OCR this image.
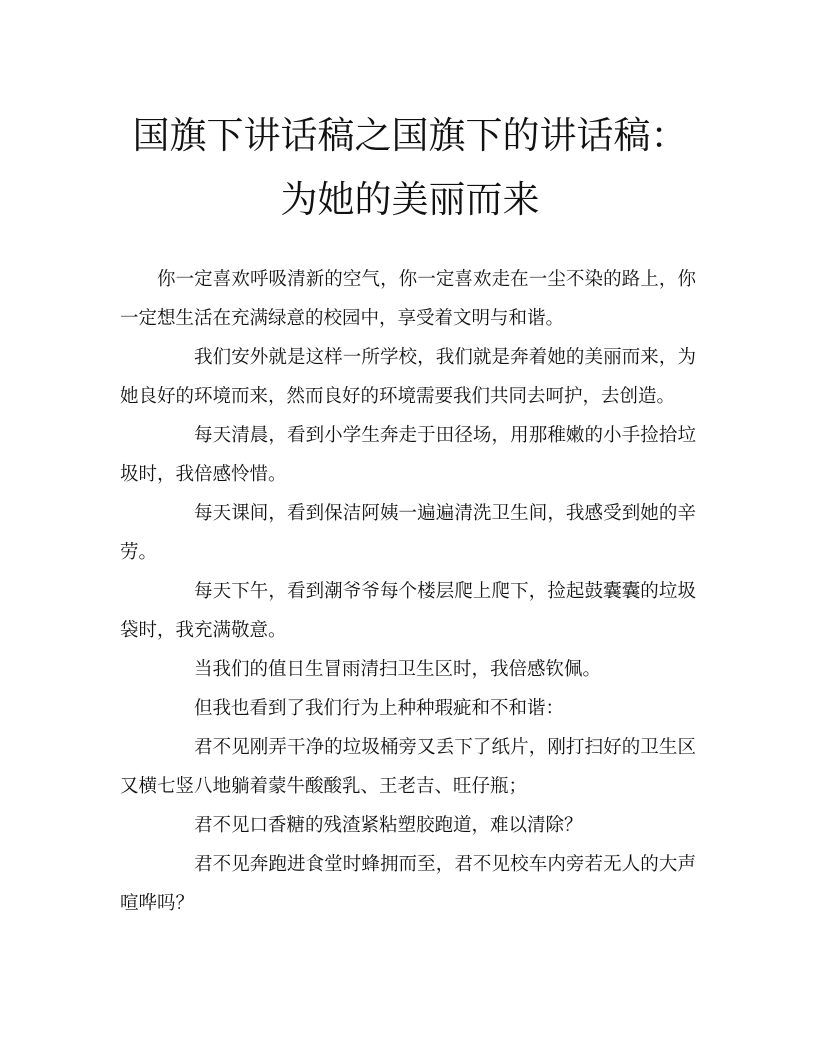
国旗下讲话稿之国旗下的讲话稿：为她的美丽而来

你一定喜欢呼吸清新的空气，你一定喜欢走在一尘不染的路上，你一定想生活在充满绿意的校园中，享受着文明与和谐。

我们安外就是这样一所学校，我们就是奔着她的美丽而来，为她良好的环境而来，然而良好的环境需要我们共同去呵护，去创造。

每天清晨，看到小学生奔走于田径场，用那稚嫩的小手捡拾垃圾时，我倍感怜惜。

每天课间，看到保洁阿姨一遍遍清洗卫生间，我感受到她的辛劳。

每天下午，看到潮爷爷每个楼层爬上爬下，捡起鼓囊囊的垃圾袋时，我充满敬意。

当我们的值日生冒雨清扫卫生区时，我倍感钦佩。

但我也看到了我们行为上种种瑕疵和不和谐：

君不见刚弄干净的垃圾桶旁又丢下了纸片，刚打扫好的卫生区又横七竖八地躺着蒙牛酸酸乳、王老吉、旺仔瓶；

君不见口香糖的残渣紧粘塑胶跑道，难以清除？

君不见奔跑进食堂时蜂拥而至，君不见校车内旁若无人的大声喧哗吗？
